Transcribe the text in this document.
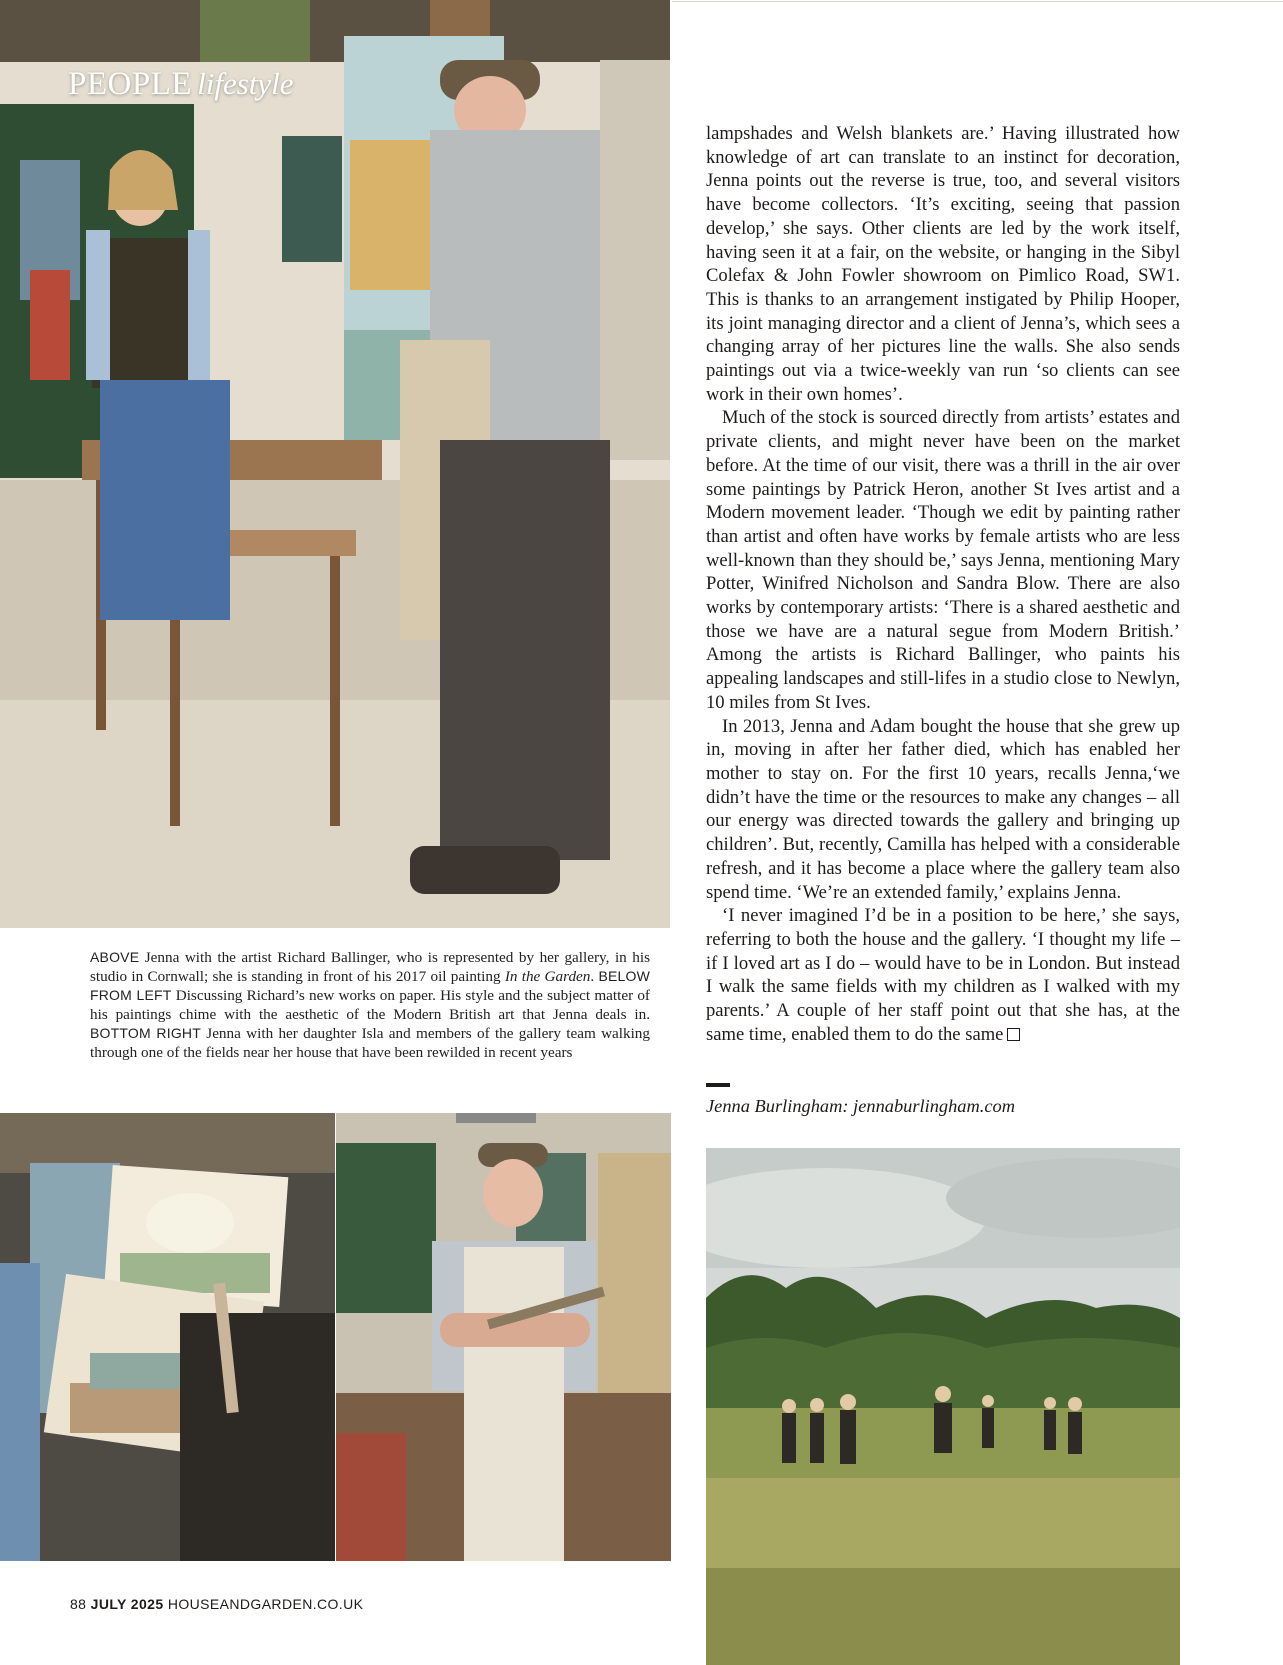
PEOPLE lifestyle
ABOVE Jenna with the artist Richard Ballinger, who is represented by her gallery, in his studio in Cornwall; she is standing in front of his 2017 oil painting In the Garden. BELOW FROM LEFT Discussing Richard’s new works on paper. His style and the subject matter of his paintings chime with the aesthetic of the Modern British art that Jenna deals in. BOTTOM RIGHT Jenna with her daughter Isla and members of the gallery team walking through one of the fields near her house that have been rewilded in recent years

lampshades and Welsh blankets are.’ Having illustrated how knowledge of art can translate to an instinct for decoration, Jenna points out the reverse is true, too, and several visitors have become collectors. ‘It’s exciting, seeing that passion develop,’ she says. Other clients are led by the work itself, having seen it at a fair, on the website, or hanging in the Sibyl Colefax & John Fowler showroom on Pimlico Road, SW1. This is thanks to an arrangement instigated by Philip Hooper, its joint managing director and a client of Jenna’s, which sees a changing array of her pictures line the walls. She also sends paintings out via a twice-weekly van run ‘so clients can see work in their own homes’.

Much of the stock is sourced directly from artists’ estates and private clients, and might never have been on the market before. At the time of our visit, there was a thrill in the air over some paintings by Patrick Heron, another St Ives artist and a Modern movement leader. ‘Though we edit by painting rather than artist and often have works by female artists who are less well-known than they should be,’ says Jenna, mentioning Mary Potter, Winifred Nicholson and Sandra Blow. There are also works by contemporary artists: ‘There is a shared aesthetic and those we have are a natural segue from Modern British.’ Among the artists is Richard Ballinger, who paints his appealing landscapes and still-lifes in a studio close to Newlyn, 10 miles from St Ives.

In 2013, Jenna and Adam bought the house that she grew up in, moving in after her father died, which has enabled her mother to stay on. For the first 10 years, recalls Jenna,‘we didn’t have the time or the resources to make any changes – all our energy was directed towards the gallery and bringing up children’. But, recently, Camilla has helped with a considerable refresh, and it has become a place where the gallery team also spend time. ‘We’re an extended family,’ explains Jenna.

‘I never imagined I’d be in a position to be here,’ she says, referring to both the house and the gallery. ‘I thought my life – if I loved art as I do – would have to be in London. But instead I walk the same fields with my children as I walked with my parents.’ A couple of her staff point out that she has, at the same time, enabled them to do the same

Jenna Burlingham: jennaburlingham.com
88 JULY 2025 HOUSEANDGARDEN.CO.UK
